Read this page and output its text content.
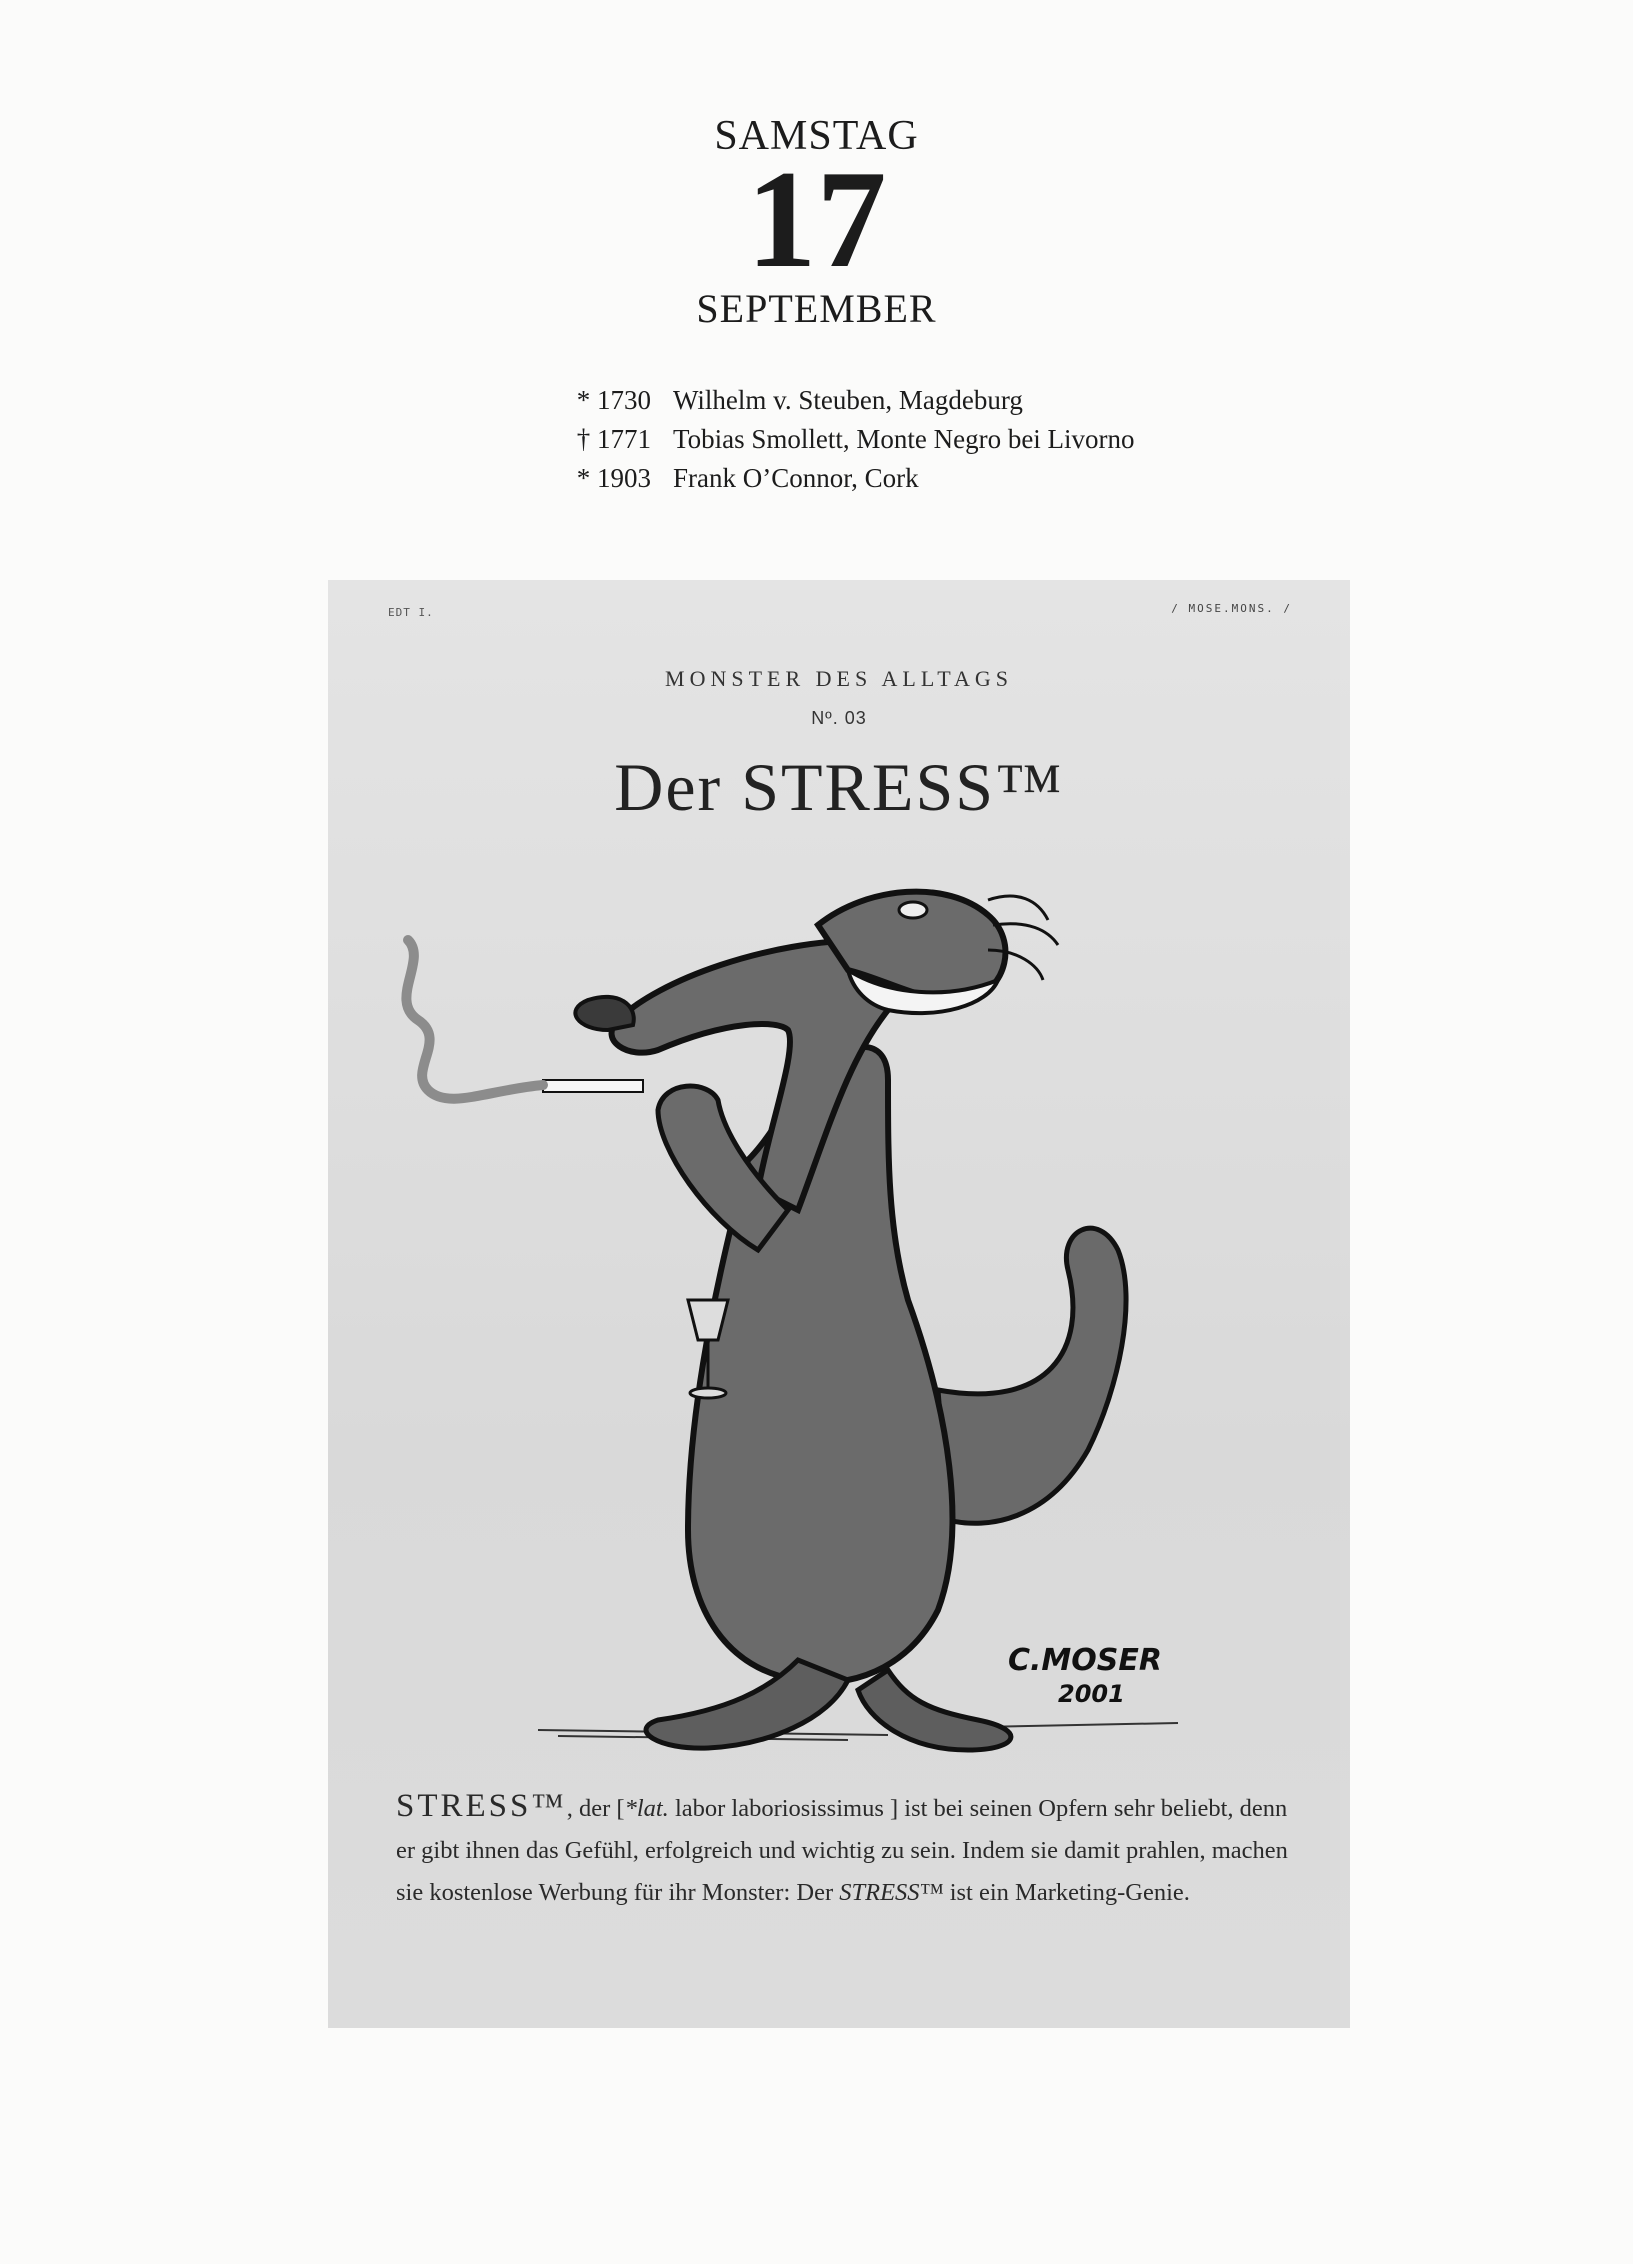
SAMSTAG
17
SEPTEMBER
* 1730 Wilhelm v. Steuben, Magdeburg
† 1771 Tobias Smollett, Monte Negro bei Livorno
* 1903 Frank O’Connor, Cork
EDT I.	/ MOSE.MONS. /
MONSTER DES ALLTAGS
Nº. 03
Der STRESS™
C.MOSER
2001
STRESS™, der [*lat. labor laboriosissimus ] ist bei seinen Opfern sehr beliebt, denn er gibt ihnen das Gefühl, erfolgreich und wichtig zu sein. Indem sie damit prahlen, machen sie kostenlose Werbung für ihr Monster: Der STRESS™ ist ein Marketing-Genie.
